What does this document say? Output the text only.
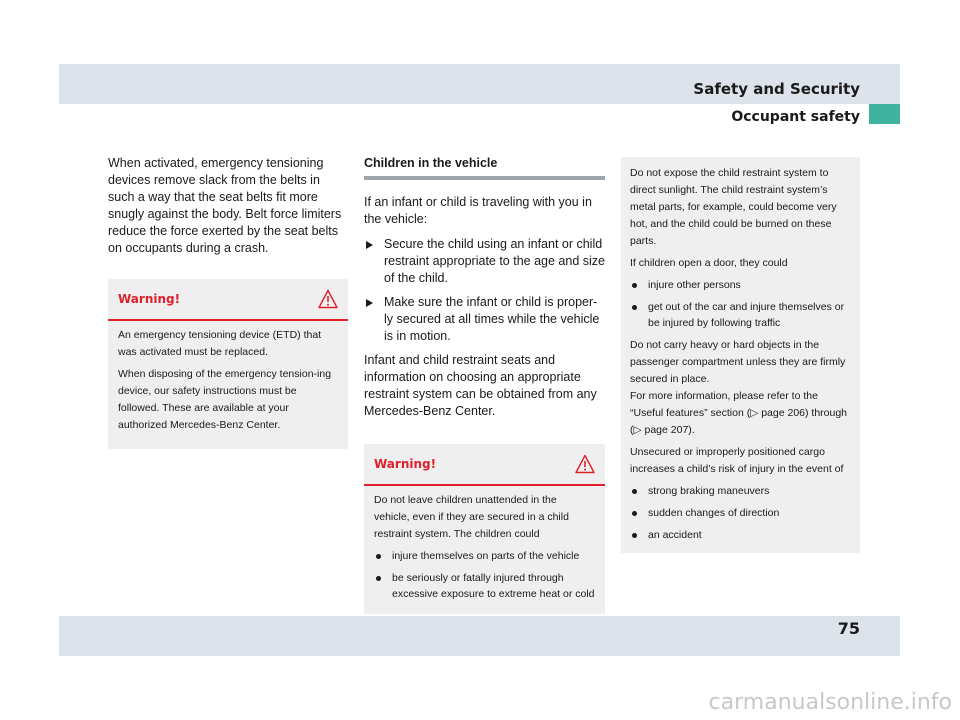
Safety and Security
Occupant safety

When activated, emergency tensioning devices remove slack from the belts in such a way that the seat belts fit more snugly against the body. Belt force limiters reduce the force exerted by the seat belts on occupants during a crash.

Warning!

An emergency tensioning device (ETD) that was activated must be replaced.

When disposing of the emergency tension-ing device, our safety instructions must be followed. These are available at your authorized Mercedes-Benz Center.

Children in the vehicle

If an infant or child is traveling with you in the vehicle:

Secure the child using an infant or child restraint appropriate to the age and size of the child.
Make sure the infant or child is proper-ly secured at all times while the vehicle is in motion.

Infant and child restraint seats and information on choosing an appropriate restraint system can be obtained from any Mercedes-Benz Center.

Warning!

Do not leave children unattended in the vehicle, even if they are secured in a child restraint system. The children could

injure themselves on parts of the vehicle
be seriously or fatally injured through excessive exposure to extreme heat or cold

Do not expose the child restraint system to direct sunlight. The child restraint system’s metal parts, for example, could become very hot, and the child could be burned on these parts.

If children open a door, they could

injure other persons
get out of the car and injure themselves or be injured by following traffic

Do not carry heavy or hard objects in the passenger compartment unless they are firmly secured in place.

For more information, please refer to the “Useful features” section (▷ page 206) through (▷ page 207).

Unsecured or improperly positioned cargo increases a child’s risk of injury in the event of

strong braking maneuvers
sudden changes of direction
an accident
75
carmanualsonline.info
